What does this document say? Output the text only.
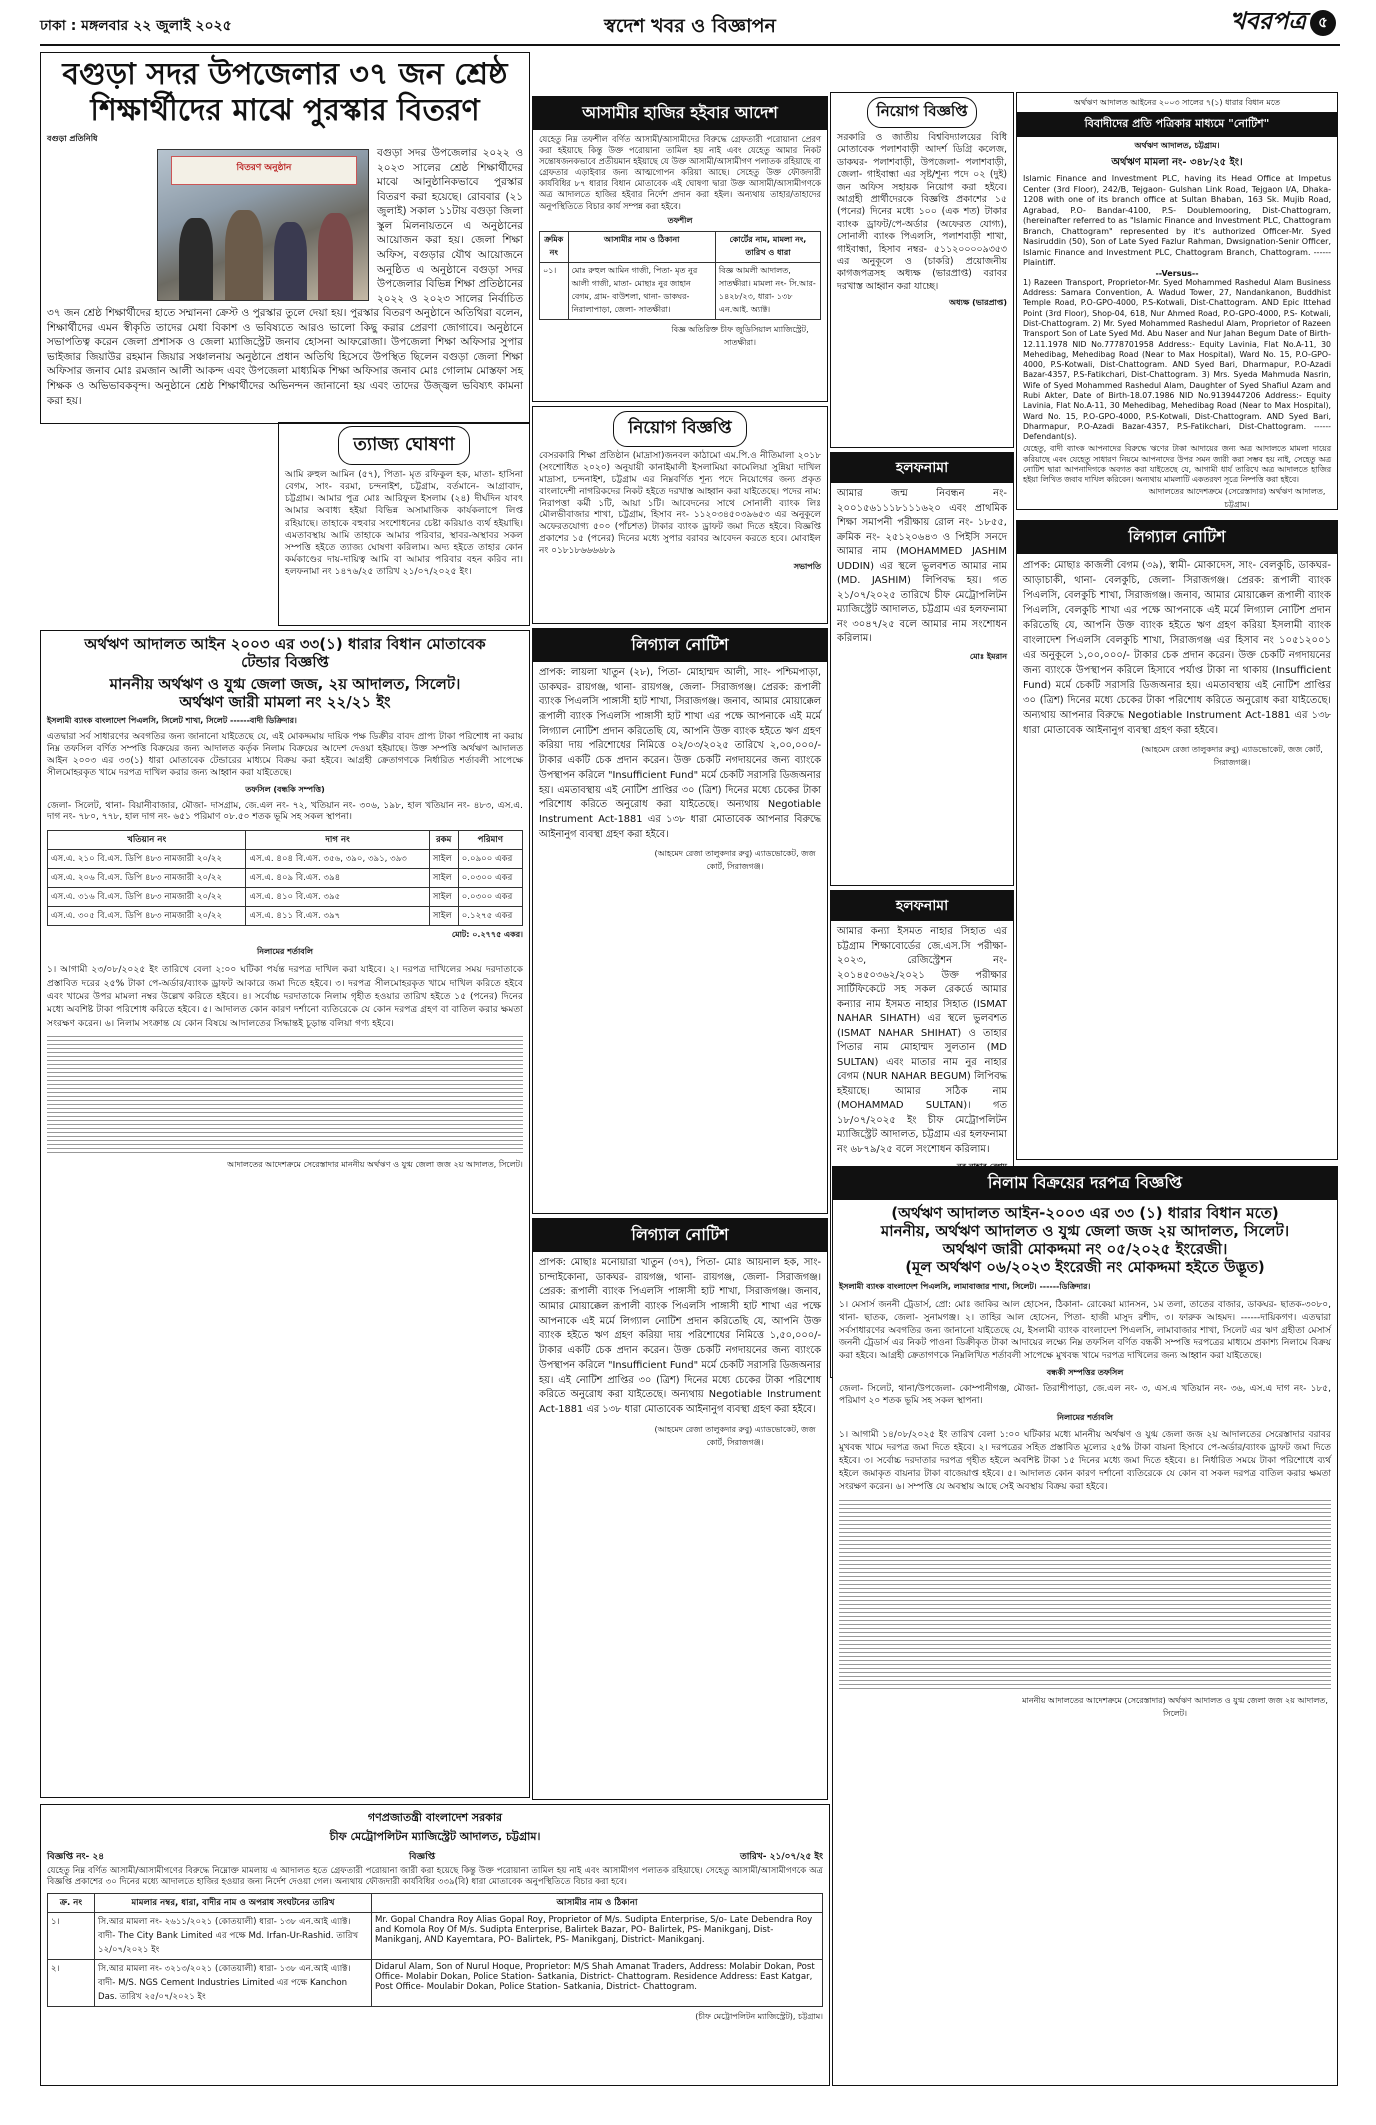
ঢাকা : মঙ্গলবার ২২ জুলাই ২০২৫	স্বদেশ খবর ও বিজ্ঞাপন	খবরপত্র ৫
বগুড়া সদর উপজেলার ৩৭ জন শ্রেষ্ঠ
শিক্ষার্থীদের মাঝে পুরস্কার বিতরণ
বগুড়া প্রতিনিধি
বিতরণ অনুষ্ঠান
বগুড়া সদর উপজেলার ২০২২ ও ২০২৩ সালের শ্রেষ্ঠ শিক্ষার্থীদের মাঝে আনুষ্ঠানিকভাবে পুরস্কার বিতরণ করা হয়েছে। রোববার (২১ জুলাই) সকাল ১১টায় বগুড়া জিলা স্কুল মিলনায়তনে এ অনুষ্ঠানের আয়োজন করা হয়। জেলা শিক্ষা অফিস, বগুড়ার যৌথ আয়োজনে অনুষ্ঠিত এ অনুষ্ঠানে বগুড়া সদর উপজেলার বিভিন্ন শিক্ষা প্রতিষ্ঠানের ২০২২ ও ২০২৩ সালের নির্বাচিত ৩৭ জন শ্রেষ্ঠ শিক্ষার্থীদের হাতে সম্মাননা ক্রেস্ট ও পুরস্কার তুলে দেয়া হয়। পুরস্কার বিতরণ অনুষ্ঠানে অতিথিরা বলেন, শিক্ষার্থীদের এমন স্বীকৃতি তাদের মেধা বিকাশ ও ভবিষ্যতে আরও ভালো কিছু করার প্রেরণা জোগাবে। অনুষ্ঠানে সভাপতিত্ব করেন জেলা প্রশাসক ও জেলা ম্যাজিস্ট্রেট জনাব হোসনা আফরোজা। উপজেলা শিক্ষা অফিসার সুপার ভাইজার জিয়াউর রহমান জিয়ার সঞ্চালনায় অনুষ্ঠানে প্রধান অতিথি হিসেবে উপস্থিত ছিলেন বগুড়া জেলা শিক্ষা অফিসার জনাব মোঃ রমজান আলী আকন্দ এবং উপজেলা মাধ্যমিক শিক্ষা অফিসার জনাব মোঃ গোলাম মোস্তফা সহ শিক্ষক ও অভিভাবকবৃন্দ। অনুষ্ঠানে শ্রেষ্ঠ শিক্ষার্থীদের অভিনন্দন জানানো হয় এবং তাদের উজ্জ্বল ভবিষ্যৎ কামনা করা হয়।
ত্যাজ্য ঘোষণা
আমি রুহুল আমিন (৫৭), পিতা- মৃত রফিকুল হক, মাতা- হাসিনা বেগম, সাং- বরমা, চন্দনাইশ, চট্টগ্রাম, বর্তমানে- আগ্রাবাদ, চট্টগ্রাম। আমার পুত্র মোঃ আরিফুল ইসলাম (২৪) দীর্ঘদিন যাবৎ আমার অবাধ্য হইয়া বিভিন্ন অসামাজিক কার্যকলাপে লিপ্ত রহিয়াছে। তাহাকে বহুবার সংশোধনের চেষ্টা করিয়াও ব্যর্থ হইয়াছি। এমতাবস্থায় আমি তাহাকে আমার পরিবার, স্থাবর-অস্থাবর সকল সম্পত্তি হইতে ত্যাজ্য ঘোষণা করিলাম। অদ্য হইতে তাহার কোন কর্মকাণ্ডের দায়-দায়িত্ব আমি বা আমার পরিবার বহন করিব না। হলফনামা নং ১৪৭৬/২৫ তারিখ ২১/০৭/২০২৫ ইং।
আসামীর হাজির হইবার আদেশ
যেহেতু নিম্ন তফশীল বর্ণিত আসামী/আসামীদের বিরুদ্ধে গ্রেফতারী পরোয়ানা প্রেরণ করা হইয়াছে কিন্তু উক্ত পরোয়ানা তামিল হয় নাই এবং যেহেতু আমার নিকট সন্তোষজনকভাবে প্রতীয়মান হইয়াছে যে উক্ত আসামী/আসামীগণ পলাতক রহিয়াছে বা গ্রেফতার এড়াইবার জন্য আত্মগোপন করিয়া আছে। সেহেতু উক্ত ফৌজদারী কার্যবিধির ৮৭ ধারার বিধান মোতাবেক এই ঘোষণা দ্বারা উক্ত আসামী/আসামীগণকে অত্র আদালতে হাজির হইবার নির্দেশ প্রদান করা হইল। অন্যথায় তাহার/তাহাদের অনুপস্থিতিতে বিচার কার্য সম্পন্ন করা হইবে।
তফশীল
ক্রমিক নং	আসামীর নাম ও ঠিকানা	কোর্টের নাম, মামলা নং, তারিখ ও ধারা
০১।	মোঃ রুহুল আমিন গাজী, পিতা- মৃত নুর আলী গাজী, মাতা- মোছাঃ নুর জাহান বেগম, গ্রাম- বাউশলা, থানা- ডাকঘর- নিরালাপাড়া, জেলা- সাতক্ষীরা।	বিজ্ঞ আমলী আদালত, সাতক্ষীরা। মামলা নং- সি.আর- ১৪২৮/২৩, ধারা- ১৩৮ এন.আই. অ্যাক্ট।
বিজ্ঞ অতিরিক্ত চীফ জুডিসিয়াল ম্যাজিস্ট্রেট, সাতক্ষীরা।
নিয়োগ বিজ্ঞপ্তি
বেসরকারি শিক্ষা প্রতিষ্ঠান (মাদ্রাসা)জনবল কাঠামো এম.পি.ও নীতিমালা ২০১৮ (সংশোধিত ২০২০) অনুযায়ী কানাইমালী ইসলামিয়া কামেলিয়া সুন্নিয়া দাখিল মাদ্রাসা, চন্দনাইশ, চট্টগ্রাম এর নিম্নবর্ণিত শূন্য পদে নিয়োগের জন্য প্রকৃত বাংলাদেশী নাগরিকদের নিকট হইতে দরখাস্ত আহ্বান করা যাইতেছে। পদের নাম: নিরাপত্তা কর্মী ১টি, আয়া ১টি। আবেদনের সাথে সোনালী ব্যাংক লিঃ মৌলভীবাজার শাখা, চট্টগ্রাম, হিসাব নং- ১১২০৩৪৫০৩৯৬৫৩ এর অনুকূলে অফেরতযোগ্য ৫০০ (পাঁচশত) টাকার ব্যাংক ড্রাফট জমা দিতে হইবে। বিজ্ঞপ্তি প্রকাশের ১৫ (পনের) দিনের মধ্যে সুপার বরাবর আবেদন করতে হবে। মোবাইল নং ০১৮১৮৬৬৬৬৮৯
সভাপতি
নিয়োগ বিজ্ঞপ্তি
সরকারি ও জাতীয় বিশ্ববিদ্যালয়ের বিধি মোতাবেক পলাশবাড়ী আদর্শ ডিগ্রি কলেজ, ডাকঘর- পলাশবাড়ী, উপজেলা- পলাশবাড়ী, জেলা- গাইবান্ধা এর সৃষ্ট/শূন্য পদে ০২ (দুই) জন অফিস সহায়ক নিয়োগ করা হইবে। আগ্রহী প্রার্থীদেরকে বিজ্ঞপ্তি প্রকাশের ১৫ (পনের) দিনের মধ্যে ১০০ (এক শত) টাকার ব্যাংক ড্রাফট/পে-অর্ডার (অফেরত যোগ্য), সোনালী ব্যাংক পিএলসি, পলাশবাড়ী শাখা, গাইবান্ধা, হিসাব নম্বর- ৫১১২০০০০৯৩৫৩ এর অনুকূলে ও (চাকরি) প্রয়োজনীয় কাগজপত্রসহ অধ্যক্ষ (ভারপ্রাপ্ত) বরাবর দরখাস্ত আহ্বান করা যাচ্ছে।
অধ্যক্ষ (ভারপ্রাপ্ত)
হলফনামা
আমার জন্ম নিবন্ধন নং- ২০০১৫৬১১১৮১১১৬২০ এবং প্রাথমিক শিক্ষা সমাপনী পরীক্ষায় রোল নং- ১৮৫৫, ক্রমিক নং- ২৫১২০৬৪৩ ও পিইসি সনদে আমার নাম (MOHAMMED JASHIM UDDIN) এর স্থলে ভুলবশত আমার নাম (MD. JASHIM) লিপিবদ্ধ হয়। গত ২১/০৭/২০২৫ তারিখে চীফ মেট্রোপলিটন ম্যাজিস্ট্রেট আদালত, চট্টগ্রাম এর হলফনামা নং ৩০৪৭/২৫ বলে আমার নাম সংশোধন করিলাম।
মোঃ ইমরান
হলফনামা
আমার কন্যা ইসমত নাহার সিহাত এর চট্টগ্রাম শিক্ষাবোর্ডের জে.এস.সি পরীক্ষা- ২০২৩, রেজিস্ট্রেশন নং- ২০১৪৫০৩৬২/২০২১ উক্ত পরীক্ষার সার্টিফিকেটে সহ সকল রেকর্ডে আমার কন্যার নাম ইসমত নাহার সিহাত (ISMAT NAHAR SIHATH) এর স্থলে ভুলবশত (ISMAT NAHAR SHIHAT) ও তাহার পিতার নাম মোহাম্মদ সুলতান (MD SULTAN) এবং মাতার নাম নুর নাহার বেগম (NUR NAHAR BEGUM) লিপিবদ্ধ হইয়াছে। আমার সঠিক নাম (MOHAMMAD SULTAN)। গত ১৮/০৭/২০২৫ ইং চীফ মেট্রোপলিটন ম্যাজিস্ট্রেট আদালত, চট্টগ্রাম এর হলফনামা নং ৬৮৭৯/২৫ বলে সংশোধন করিলাম।
অর্থঋণ আদালত আইনের ২০০৩ সালের ৭(১) ধারার বিধান মতে
বিবাদীদের প্রতি পত্রিকার মাধ্যমে "নোটিশ"
অর্থঋণ আদালত, চট্টগ্রাম।
অর্থঋণ মামলা নং- ৩৪৮/২৫ ইং।
Islamic Finance and Investment PLC, having its Head Office at Impetus Center (3rd Floor), 242/B, Tejgaon- Gulshan Link Road, Tejgaon I/A, Dhaka-1208 with one of its branch office at Sultan Bhaban, 163 Sk. Mujib Road, Agrabad, P.O- Bandar-4100, P.S- Doublemooring, Dist-Chattogram, (hereinafter referred to as "Islamic Finance and Investment PLC, Chattogram Branch, Chattogram" represented by it's authorized Officer-Mr. Syed Nasiruddin (50), Son of Late Syed Fazlur Rahman, Dwsignation-Senir Officer, Islamic Finance and Investment PLC, Chattogram Branch, Chattogram. ------Plaintiff.
--Versus--
1) Razeen Transport, Proprietor-Mr. Syed Mohammed Rashedul Alam Business Address: Samara Convention, A. Wadud Tower, 27, Nandankanon, Buddhist Temple Road, P.O-GPO-4000, P.S-Kotwali, Dist-Chattogram. AND Epic Ittehad Point (3rd Floor), Shop-04, 618, Nur Ahmed Road, P.O-GPO-4000, P.S- Kotwali, Dist-Chattogram. 2) Mr. Syed Mohammed Rashedul Alam, Proprietor of Razeen Transport Son of Late Syed Md. Abu Naser and Nur Jahan Begum Date of Birth-12.11.1978 NID No.7778701958 Address:- Equity Lavinia, Flat No.A-11, 30 Mehedibag, Mehedibag Road (Near to Max Hospital), Ward No. 15, P.O-GPO-4000, P.S-Kotwali, Dist-Chattogram. AND Syed Bari, Dharmapur, P.O-Azadi Bazar-4357, P.S-Fatikchari, Dist-Chattogram. 3) Mrs. Syeda Mahmuda Nasrin, Wife of Syed Mohammed Rashedul Alam, Daughter of Syed Shafiul Azam and Rubi Akter, Date of Birth-18.07.1986 NID No.9139447206 Address:- Equity Lavinia, Flat No.A-11, 30 Mehedibag, Mehedibag Road (Near to Max Hospital), Ward No. 15, P.O-GPO-4000, P.S-Kotwali, Dist-Chattogram. AND Syed Bari, Dharmapur, P.O-Azadi Bazar-4357, P.S-Fatikchari, Dist-Chattogram. ------Defendant(s).
যেহেতু, বাদী ব্যাংক আপনাদের বিরুদ্ধে ঋণের টাকা আদায়ের জন্য অত্র আদালতে মামলা দায়ের করিয়াছে এবং যেহেতু সাধারণ নিয়মে আপনাদের উপর সমন জারী করা সম্ভব হয় নাই, সেহেতু অত্র নোটিশ দ্বারা আপনাদিগকে অবগত করা যাইতেছে যে, আগামী ধার্য তারিখে অত্র আদালতে হাজির হইয়া লিখিত জবাব দাখিল করিবেন। অন্যথায় মামলাটি একতরফা সূত্রে নিষ্পত্তি করা হইবে।
আদালতের আদেশক্রমে (সেরেস্তাদার) অর্থঋণ আদালত, চট্টগ্রাম।
লিগ্যাল নোটিশ
প্রাপক: মোছাঃ কাজলী বেগম (৩৯), স্বামী- মোকাদেস, সাং- বেলকুচি, ডাকঘর- আড়াচাকী, থানা- বেলকুচি, জেলা- সিরাজগঞ্জ। প্রেরক: রূপালী ব্যাংক পিএলসি, বেলকুচি শাখা, সিরাজগঞ্জ। জনাব, আমার মোয়াক্কেল রূপালী ব্যাংক পিএলসি, বেলকুচি শাখা এর পক্ষে আপনাকে এই মর্মে লিগ্যাল নোটিশ প্রদান করিতেছি যে, আপনি উক্ত ব্যাংক হইতে ঋণ গ্রহণ করিয়া ইসলামী ব্যাংক বাংলাদেশ পিএলসি বেলকুচি শাখা, সিরাজগঞ্জ এর হিসাব নং ১০৫১২০০১ এর অনুকূলে ১,০০,০০০/- টাকার চেক প্রদান করেন। উক্ত চেকটি নগদায়নের জন্য ব্যাংকে উপস্থাপন করিলে হিসাবে পর্যাপ্ত টাকা না থাকায় (Insufficient Fund) মর্মে চেকটি সরাসরি ডিজঅনার হয়। এমতাবস্থায় এই নোটিশ প্রাপ্তির ৩০ (ত্রিশ) দিনের মধ্যে চেকের টাকা পরিশোধ করিতে অনুরোধ করা যাইতেছে। অন্যথায় আপনার বিরুদ্ধে Negotiable Instrument Act-1881 এর ১৩৮ ধারা মোতাবেক আইনানুগ ব্যবস্থা গ্রহণ করা হইবে।
(আহমেদ রেজা তালুকদার রুবু) এ্যাডভোকেট, জজ কোর্ট, সিরাজগঞ্জ।
লিগ্যাল নোটিশ
প্রাপক: লায়লা খাতুন (২৮), পিতা- মোহাম্মদ আলী, সাং- পশ্চিমপাড়া, ডাকঘর- রায়গঞ্জ, থানা- রায়গঞ্জ, জেলা- সিরাজগঞ্জ। প্রেরক: রূপালী ব্যাংক পিএলসি পাঙ্গাসী হাট শাখা, সিরাজগঞ্জ। জনাব, আমার মোয়াক্কেল রূপালী ব্যাংক পিএলসি পাঙ্গাসী হাট শাখা এর পক্ষে আপনাকে এই মর্মে লিগ্যাল নোটিশ প্রদান করিতেছি যে, আপনি উক্ত ব্যাংক হইতে ঋণ গ্রহণ করিয়া দায় পরিশোধের নিমিত্তে ০২/০৩/২০২৫ তারিখে ২,০০,০০০/- টাকার একটি চেক প্রদান করেন। উক্ত চেকটি নগদায়নের জন্য ব্যাংকে উপস্থাপন করিলে "Insufficient Fund" মর্মে চেকটি সরাসরি ডিজঅনার হয়। এমতাবস্থায় এই নোটিশ প্রাপ্তির ৩০ (ত্রিশ) দিনের মধ্যে চেকের টাকা পরিশোধ করিতে অনুরোধ করা যাইতেছে। অন্যথায় Negotiable Instrument Act-1881 এর ১৩৮ ধারা মোতাবেক আপনার বিরুদ্ধে আইনানুগ ব্যবস্থা গ্রহণ করা হইবে।
(আহমেদ রেজা তালুকদার রুবু) এ্যাডভোকেট, জজ কোর্ট, সিরাজগঞ্জ।
লিগ্যাল নোটিশ
প্রাপক: মোছাঃ মনোয়ারা খাতুন (৩৭), পিতা- মোঃ আয়নাল হক, সাং- চান্দাইকোনা, ডাকঘর- রায়গঞ্জ, থানা- রায়গঞ্জ, জেলা- সিরাজগঞ্জ। প্রেরক: রূপালী ব্যাংক পিএলসি পাঙ্গাসী হাট শাখা, সিরাজগঞ্জ। জনাব, আমার মোয়াক্কেল রূপালী ব্যাংক পিএলসি পাঙ্গাসী হাট শাখা এর পক্ষে আপনাকে এই মর্মে লিগ্যাল নোটিশ প্রদান করিতেছি যে, আপনি উক্ত ব্যাংক হইতে ঋণ গ্রহণ করিয়া দায় পরিশোধের নিমিত্তে ১,৫০,০০০/- টাকার একটি চেক প্রদান করেন। উক্ত চেকটি নগদায়নের জন্য ব্যাংকে উপস্থাপন করিলে "Insufficient Fund" মর্মে চেকটি সরাসরি ডিজঅনার হয়। এই নোটিশ প্রাপ্তির ৩০ (ত্রিশ) দিনের মধ্যে চেকের টাকা পরিশোধ করিতে অনুরোধ করা যাইতেছে। অন্যথায় Negotiable Instrument Act-1881 এর ১৩৮ ধারা মোতাবেক আইনানুগ ব্যবস্থা গ্রহণ করা হইবে।
(আহমেদ রেজা তালুকদার রুবু) এ্যাডভোকেট, জজ কোর্ট, সিরাজগঞ্জ।
অর্থঋণ আদালত আইন ২০০৩ এর ৩৩(১) ধারার বিধান মোতাবেক
টেন্ডার বিজ্ঞপ্তি
মাননীয় অর্থঋণ ও যুগ্ম জেলা জজ, ২য় আদালত, সিলেট।
অর্থঋণ জারী মামলা নং ২২/২১ ইং
ইসলামী ব্যাংক বাংলাদেশ পিএলসি, সিলেট শাখা, সিলেট ------বাদী ডিক্রিদার।
এতদ্বারা সর্ব সাধারণের অবগতির জন্য জানানো যাইতেছে যে, এই মোকদ্দমায় দায়িক পক্ষ ডিক্রীর বাবদ প্রাপ্য টাকা পরিশোধ না করায় নিম্ন তফসিল বর্ণিত সম্পত্তি বিক্রয়ের জন্য আদালত কর্তৃক নিলাম বিক্রয়ের আদেশ দেওয়া হইয়াছে। উক্ত সম্পত্তি অর্থঋণ আদালত আইন ২০০৩ এর ৩৩(১) ধারা মোতাবেক টেন্ডারের মাধ্যমে বিক্রয় করা হইবে। আগ্রহী ক্রেতাগণকে নির্ধারিত শর্তাবলী সাপেক্ষে সীলমোহরকৃত খামে দরপত্র দাখিল করার জন্য আহ্বান করা যাইতেছে।
তফসিল (বন্ধকি সম্পত্তি)
জেলা- সিলেট, থানা- বিয়ানীবাজার, মৌজা- দাসগ্রাম, জে.এল নং- ৭২, খতিয়ান নং- ৩০৬, ১৯৮, হাল খতিয়ান নং- ৪৮৩, এস.এ. দাগ নং- ৭৮০, ৭৭৮, হাল দাগ নং- ৬৫১ পরিমাণ ০৮.৫০ শতক ভূমি সহ সকল স্থাপনা।
খতিয়ান নং	দাগ নং	রকম	পরিমাণ
এস.এ. ২১০ বি.এস. ডিপি ৪৮৩ নামজারী ২০/২২	এস.এ. ৪০৪ বি.এস. ৩৫৬, ৩৯০, ৩৯১, ৩৯৩	সাইল	০.০৯০০ একর
এস.এ. ২০৬ বি.এস. ডিপি ৪৮৩ নামজারী ২০/২২	এস.এ. ৪০৯ বি.এস. ৩৯৪	সাইল	০.০৩০০ একর
এস.এ. ৩১৬ বি.এস. ডিপি ৪৮৩ নামজারী ২০/২২	এস.এ. ৪১০ বি.এস. ৩৯৫	সাইল	০.০৩০০ একর
এস.এ. ৩০৫ বি.এস. ডিপি ৪৮৩ নামজারী ২০/২২	এস.এ. ৪১১ বি.এস. ৩৯৭	সাইল	০.১২৭৫ একর
মোট: ০.২৭৭৫ একর।
নিলামের শর্তাবলি
১। আগামী ২৩/০৮/২০২৫ ইং তারিখে বেলা ২:০০ ঘটিকা পর্যন্ত দরপত্র দাখিল করা যাইবে। ২। দরপত্র দাখিলের সময় দরদাতাকে প্রস্তাবিত দরের ২৫% টাকা পে-অর্ডার/ব্যাংক ড্রাফট আকারে জমা দিতে হইবে। ৩। দরপত্র সীলমোহরকৃত খামে দাখিল করিতে হইবে এবং খামের উপর মামলা নম্বর উল্লেখ করিতে হইবে। ৪। সর্বোচ্চ দরদাতাকে নিলাম গৃহীত হওয়ার তারিখ হইতে ১৫ (পনের) দিনের মধ্যে অবশিষ্ট টাকা পরিশোধ করিতে হইবে। ৫। আদালত কোন কারণ দর্শানো ব্যতিরেকে যে কোন দরপত্র গ্রহণ বা বাতিল করার ক্ষমতা সংরক্ষণ করেন। ৬। নিলাম সংক্রান্ত যে কোন বিষয়ে আদালতের সিদ্ধান্তই চূড়ান্ত বলিয়া গণ্য হইবে।
আদালতের আদেশক্রমে সেরেস্তাদার মাননীয় অর্থঋণ ও যুগ্ম জেলা জজ ২য় আদালত, সিলেট।
নিলাম বিক্রয়ের দরপত্র বিজ্ঞপ্তি
(অর্থঋণ আদালত আইন-২০০৩ এর ৩৩ (১) ধারার বিধান মতে)
মাননীয়, অর্থঋণ আদালত ও যুগ্ম জেলা জজ ২য় আদালত, সিলেট।
অর্থঋণ জারী মোকদ্দমা নং ০৫/২০২৫ ইংরেজী।
(মূল অর্থঋণ ০৬/২০২৩ ইংরেজী নং মোকদ্দমা হইতে উদ্ভূত)
ইসলামী ব্যাংক বাংলাদেশ পিএলসি, লামাবাজার শাখা, সিলেট। ------ডিক্রিদার।
১। মেসার্স জননী ট্রেডার্স, প্রো: মোঃ জাকির আল হোসেন, ঠিকানা- রোকেয়া ম্যানসন, ১ম তলা, তাতের বাজার, ডাকঘর- ছাতক-৩০৮০, থানা- ছাতক, জেলা- সুনামগঞ্জ। ২। তাহির আল হোসেন, পিতা- হাজী মাসুদ রশীদ, ৩। ফারুক আহমদ। ------দায়িকগণ। এতদ্বারা সর্বসাধারণের অবগতির জন্য জানানো যাইতেছে যে, ইসলামী ব্যাংক বাংলাদেশ পিএলসি, লামাবাজার শাখা, সিলেট এর ঋণ গ্রহীতা মেসার্স জননী ট্রেডার্স এর নিকট পাওনা ডিক্রীকৃত টাকা আদায়ের লক্ষ্যে নিম্ন তফসিল বর্ণিত বন্ধকী সম্পত্তি দরপত্রের মাধ্যমে প্রকাশ্য নিলামে বিক্রয় করা হইবে। আগ্রহী ক্রেতাগণকে নিম্নলিখিত শর্তাবলী সাপেক্ষে মুখবন্ধ খামে দরপত্র দাখিলের জন্য আহ্বান করা যাইতেছে।
বন্ধকী সম্পত্তির তফসিল
জেলা- সিলেট, থানা/উপজেলা- কোম্পানীগঞ্জ, মৌজা- তিরাশীপাড়া, জে.এল নং- ৩, এস.এ খতিয়ান নং- ৩৬, এস.এ দাগ নং- ১৮৫, পরিমাণ ২০ শতক ভূমি সহ সকল স্থাপনা।
নিলামের শর্তাবলি
১। আগামী ১৪/০৮/২০২৫ ইং তারিখ বেলা ১:০০ ঘটিকার মধ্যে মাননীয় অর্থঋণ ও যুগ্ম জেলা জজ ২য় আদালতের সেরেস্তাদার বরাবর মুখবন্ধ খামে দরপত্র জমা দিতে হইবে। ২। দরপত্রের সহিত প্রস্তাবিত মূল্যের ২৫% টাকা বায়না হিসাবে পে-অর্ডার/ব্যাংক ড্রাফট জমা দিতে হইবে। ৩। সর্বোচ্চ দরদাতার দরপত্র গৃহীত হইলে অবশিষ্ট টাকা ১৫ দিনের মধ্যে জমা দিতে হইবে। ৪। নির্ধারিত সময়ে টাকা পরিশোধে ব্যর্থ হইলে জমাকৃত বায়নার টাকা বাজেয়াপ্ত হইবে। ৫। আদালত কোন কারণ দর্শানো ব্যতিরেকে যে কোন বা সকল দরপত্র বাতিল করার ক্ষমতা সংরক্ষণ করেন। ৬। সম্পত্তি যে অবস্থায় আছে সেই অবস্থায় বিক্রয় করা হইবে।
মাননীয় আদালতের আদেশক্রমে (সেরেস্তাদার) অর্থঋণ আদালত ও যুগ্ম জেলা জজ ২য় আদালত, সিলেট।
গণপ্রজাতন্ত্রী বাংলাদেশ সরকার
চীফ মেট্রোপলিটন ম্যাজিস্ট্রেট আদালত, চট্টগ্রাম।
বিজ্ঞপ্তি নং- ২৪	বিজ্ঞপ্তি	তারিখ- ২১/০৭/২৫ ইং
যেহেতু নিম্ন বর্ণিত আসামী/আসামীগণের বিরুদ্ধে নিম্নোক্ত মামলায় এ আদালত হতে গ্রেফতারী পরোয়ানা জারী করা হয়েছে কিন্তু উক্ত পরোয়ানা তামিল হয় নাই এবং আসামীগণ পলাতক রহিয়াছে। সেহেতু আসামী/আসামীগণকে অত্র বিজ্ঞপ্তি প্রকাশের ৩০ দিনের মধ্যে আদালতে হাজির হওয়ার জন্য নির্দেশ দেওয়া গেল। অন্যথায় ফৌজদারী কার্যবিধির ৩৩৯(বি) ধারা মোতাবেক অনুপস্থিতিতে বিচার করা হবে।
ক্র. নং	মামলার নম্বর, ধারা, বাদীর নাম ও অপরাধ সংঘটনের তারিখ	আসামীর নাম ও ঠিকানা
১।	সি.আর মামলা নং- ২৬১১/২০২১ (কোতয়ালী) ধারা- ১৩৮ এন.আই এ্যাক্ট। বাদী- The City Bank Limited এর পক্ষে Md. Irfan-Ur-Rashid. তারিখ ১২/০৭/২০২১ ইং	Mr. Gopal Chandra Roy Alias Gopal Roy, Proprietor of M/s. Sudipta Enterprise, S/o- Late Debendra Roy and Komola Roy Of M/s. Sudipta Enterprise, Balirtek Bazar, PO- Balirtek, PS- Manikganj, Dist- Manikganj, AND Kayemtara, PO- Balirtek, PS- Manikganj, District- Manikganj.
২।	সি.আর মামলা নং- ৩২১৩/২০২১ (কোতয়ালী) ধারা- ১৩৮ এন.আই এ্যাক্ট। বাদী- M/S. NGS Cement Industries Limited এর পক্ষে Kanchon Das. তারিখ ২৫/০৭/২০২১ ইং	Didarul Alam, Son of Nurul Hoque, Proprietor: M/S Shah Amanat Traders, Address: Molabir Dokan, Post Office- Molabir Dokan, Police Station- Satkania, District- Chattogram. Residence Address: East Katgar, Post Office- Moulabir Dokan, Police Station- Satkania, District- Chattogram.
(চীফ মেট্রোপলিটন ম্যাজিস্ট্রেট), চট্টগ্রাম।
